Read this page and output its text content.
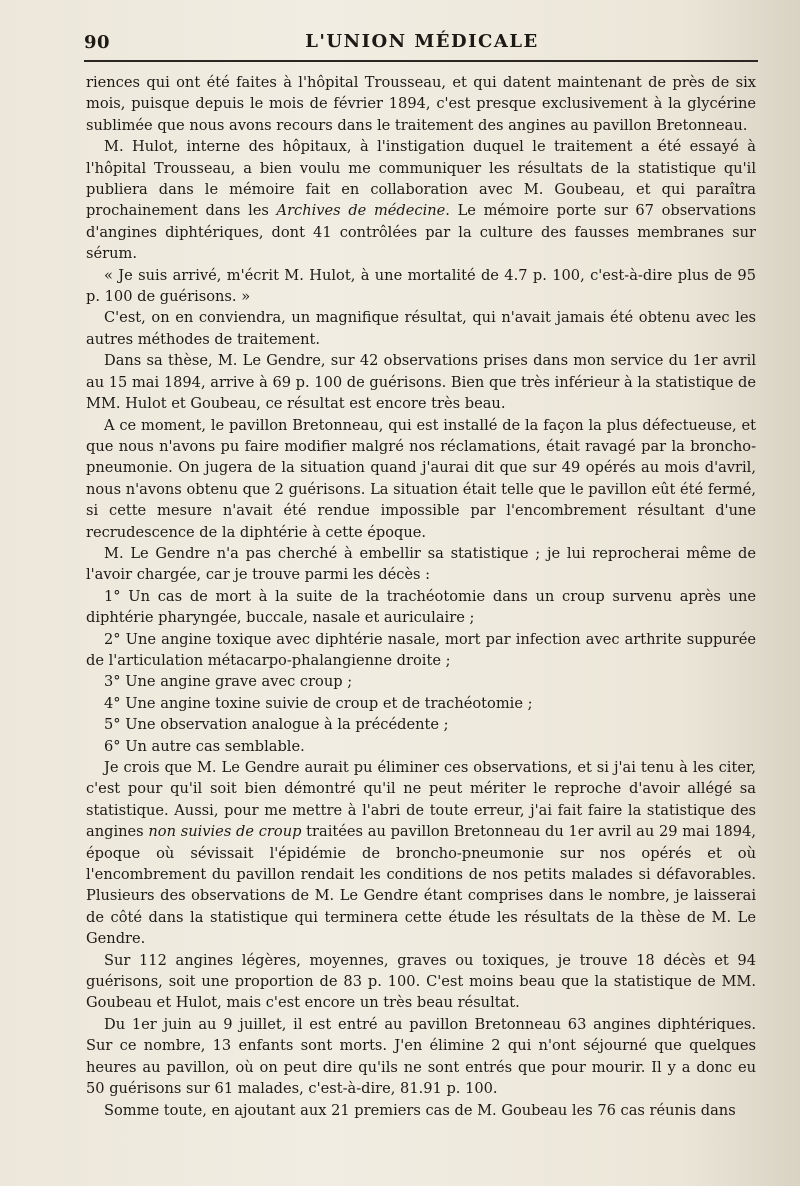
90	L'UNION MÉDICALE

riences qui ont été faites à l'hôpital Trousseau, et qui datent maintenant de près de six mois, puisque depuis le mois de février 1894, c'est presque exclusivement à la glycérine sublimée que nous avons recours dans le traitement des angines au pavillon Bretonneau.

M. Hulot, interne des hôpitaux, à l'instigation duquel le traitement a été essayé à l'hôpital Trousseau, a bien voulu me communiquer les résultats de la statistique qu'il publiera dans le mémoire fait en collaboration avec M. Goubeau, et qui paraîtra prochainement dans les Archives de médecine. Le mémoire porte sur 67 observations d'angines diphtériques, dont 41 contrôlées par la culture des fausses membranes sur sérum.

« Je suis arrivé, m'écrit M. Hulot, à une mortalité de 4.7 p. 100, c'est-à-dire plus de 95 p. 100 de guérisons. »

C'est, on en conviendra, un magnifique résultat, qui n'avait jamais été obtenu avec les autres méthodes de traitement.

Dans sa thèse, M. Le Gendre, sur 42 observations prises dans mon service du 1er avril au 15 mai 1894, arrive à 69 p. 100 de guérisons. Bien que très inférieur à la statistique de MM. Hulot et Goubeau, ce résultat est encore très beau.

A ce moment, le pavillon Bretonneau, qui est installé de la façon la plus défectueuse, et que nous n'avons pu faire modifier malgré nos réclamations, était ravagé par la broncho-pneumonie. On jugera de la situation quand j'aurai dit que sur 49 opérés au mois d'avril, nous n'avons obtenu que 2 guérisons. La situation était telle que le pavillon eût été fermé, si cette mesure n'avait été rendue impossible par l'encombrement résultant d'une recrudescence de la diphtérie à cette époque.

M. Le Gendre n'a pas cherché à embellir sa statistique ; je lui reprocherai même de l'avoir chargée, car je trouve parmi les décès :

1° Un cas de mort à la suite de la trachéotomie dans un croup survenu après une diphtérie pharyngée, buccale, nasale et auriculaire ;

2° Une angine toxique avec diphtérie nasale, mort par infection avec arthrite suppurée de l'articulation métacarpo-phalangienne droite ;

3° Une angine grave avec croup ;

4° Une angine toxine suivie de croup et de trachéotomie ;

5° Une observation analogue à la précédente ;

6° Un autre cas semblable.

Je crois que M. Le Gendre aurait pu éliminer ces observations, et si j'ai tenu à les citer, c'est pour qu'il soit bien démontré qu'il ne peut mériter le reproche d'avoir allégé sa statistique. Aussi, pour me mettre à l'abri de toute erreur, j'ai fait faire la statistique des angines non suivies de croup traitées au pavillon Bretonneau du 1er avril au 29 mai 1894, époque où sévissait l'épidémie de broncho-pneumonie sur nos opérés et où l'encombrement du pavillon rendait les conditions de nos petits malades si défavorables. Plusieurs des observations de M. Le Gendre étant comprises dans le nombre, je laisserai de côté dans la statistique qui terminera cette étude les résultats de la thèse de M. Le Gendre.

Sur 112 angines légères, moyennes, graves ou toxiques, je trouve 18 décès et 94 guérisons, soit une proportion de 83 p. 100. C'est moins beau que la statistique de MM. Goubeau et Hulot, mais c'est encore un très beau résultat.

Du 1er juin au 9 juillet, il est entré au pavillon Bretonneau 63 angines diphtériques. Sur ce nombre, 13 enfants sont morts. J'en élimine 2 qui n'ont séjourné que quelques heures au pavillon, où on peut dire qu'ils ne sont entrés que pour mourir. Il y a donc eu 50 guérisons sur 61 malades, c'est-à-dire, 81.91 p. 100.

Somme toute, en ajoutant aux 21 premiers cas de M. Goubeau les 76 cas réunis dans
